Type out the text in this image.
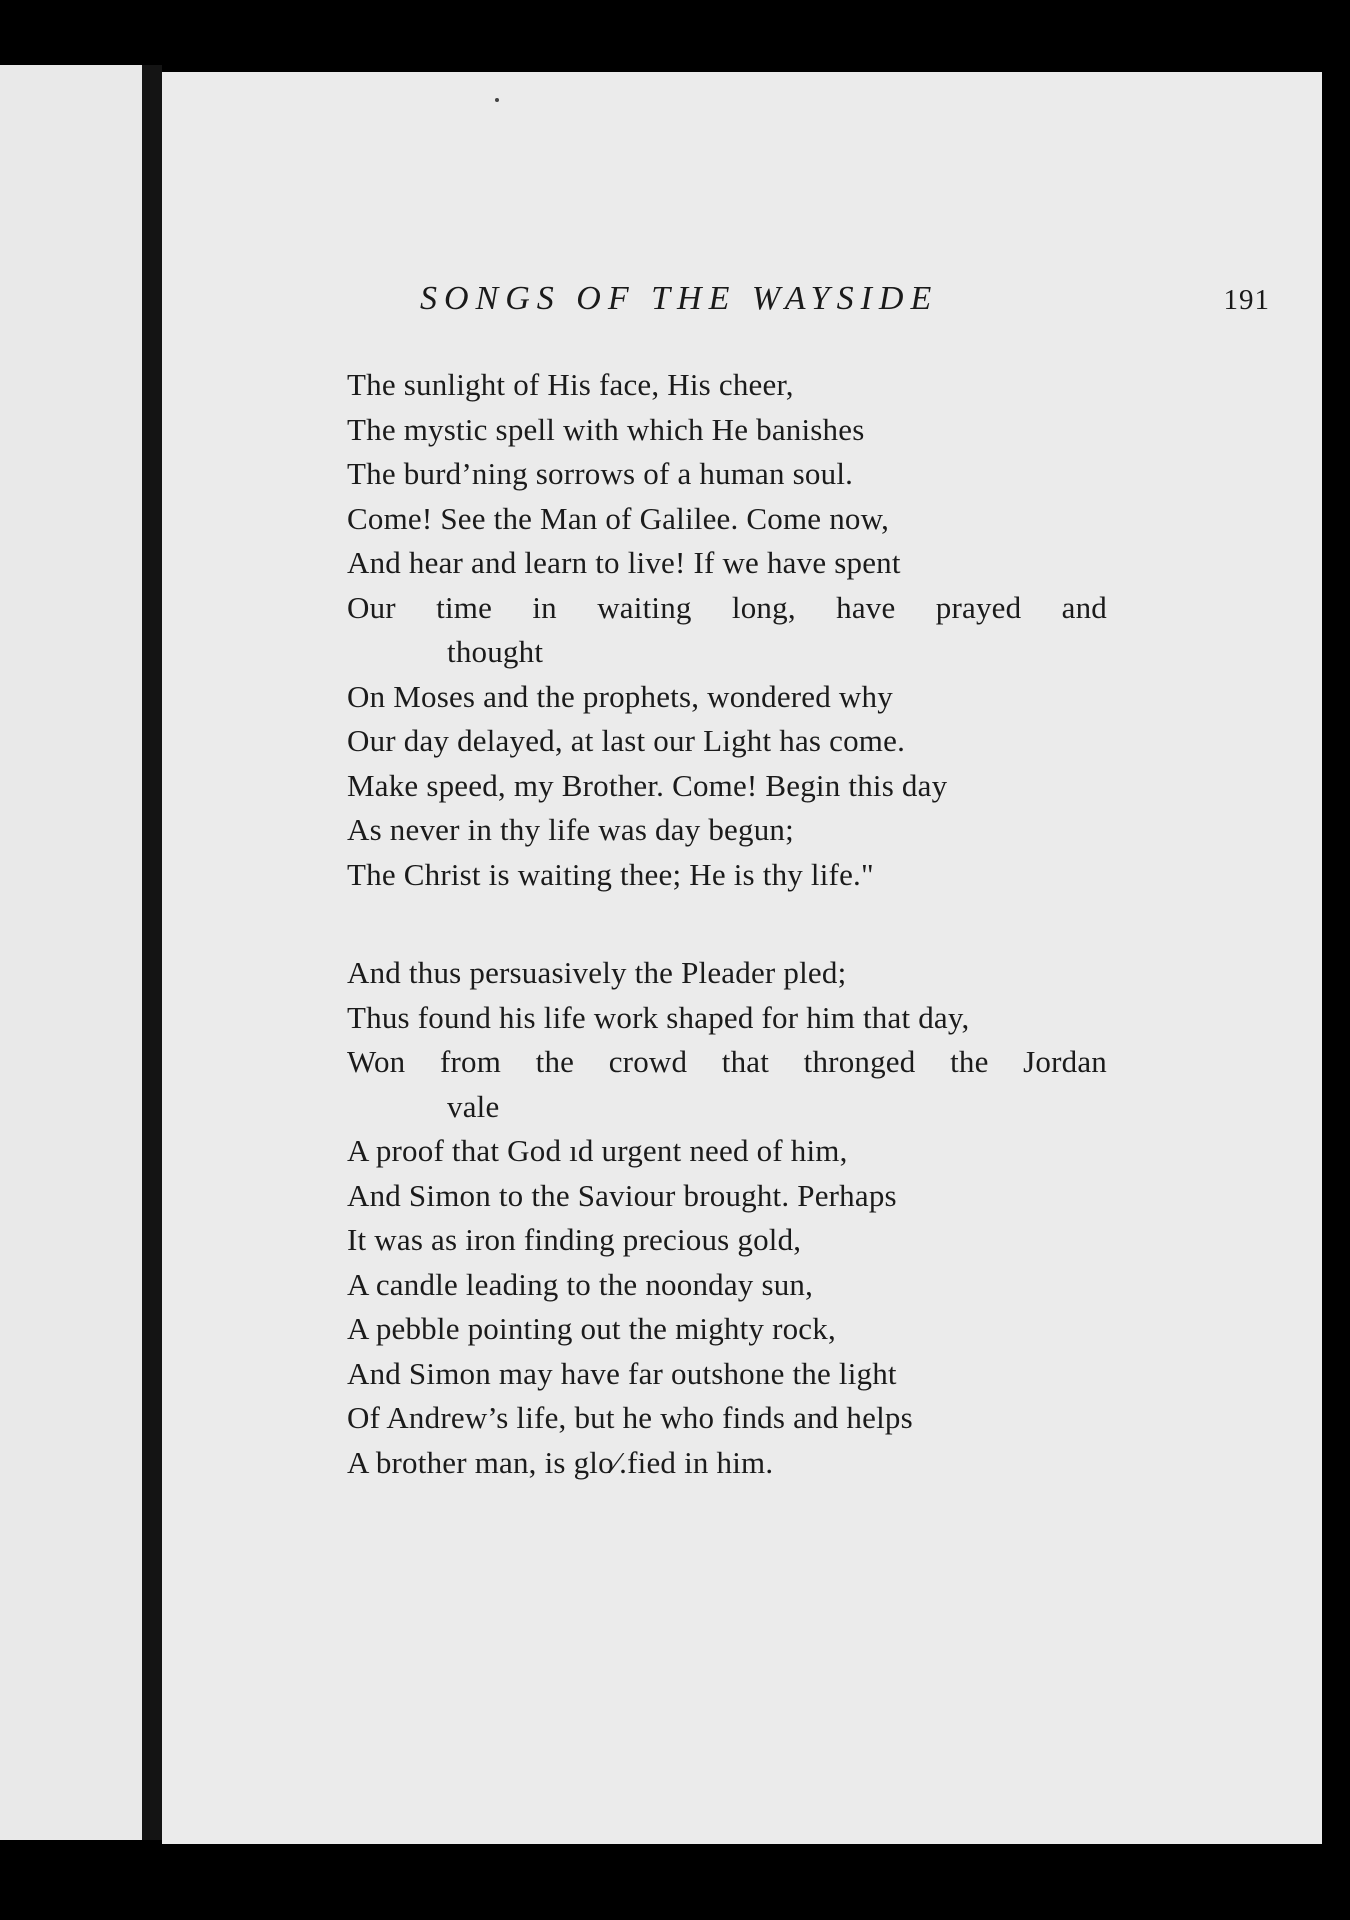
SONGS OF THE WAYSIDE	191
The sunlight of His face, His cheer,
The mystic spell with which He banishes
The burd’ning sorrows of a human soul.
Come! See the Man of Galilee. Come now,
And hear and learn to live! If we have spent
Our time in waiting long, have prayed and
thought
On Moses and the prophets, wondered why
Our day delayed, at last our Light has come.
Make speed, my Brother. Come! Begin this day
As never in thy life was day begun;
The Christ is waiting thee; He is thy life."
And thus persuasively the Pleader pled;
Thus found his life work shaped for him that day,
Won from the crowd that thronged the Jordan
vale
A proof that God ıd urgent need of him,
And Simon to the Saviour brought. Perhaps
It was as iron finding precious gold,
A candle leading to the noonday sun,
A pebble pointing out the mighty rock,
And Simon may have far outshone the light
Of Andrew’s life, but he who finds and helps
A brother man, is glo⁄.fied in him.
